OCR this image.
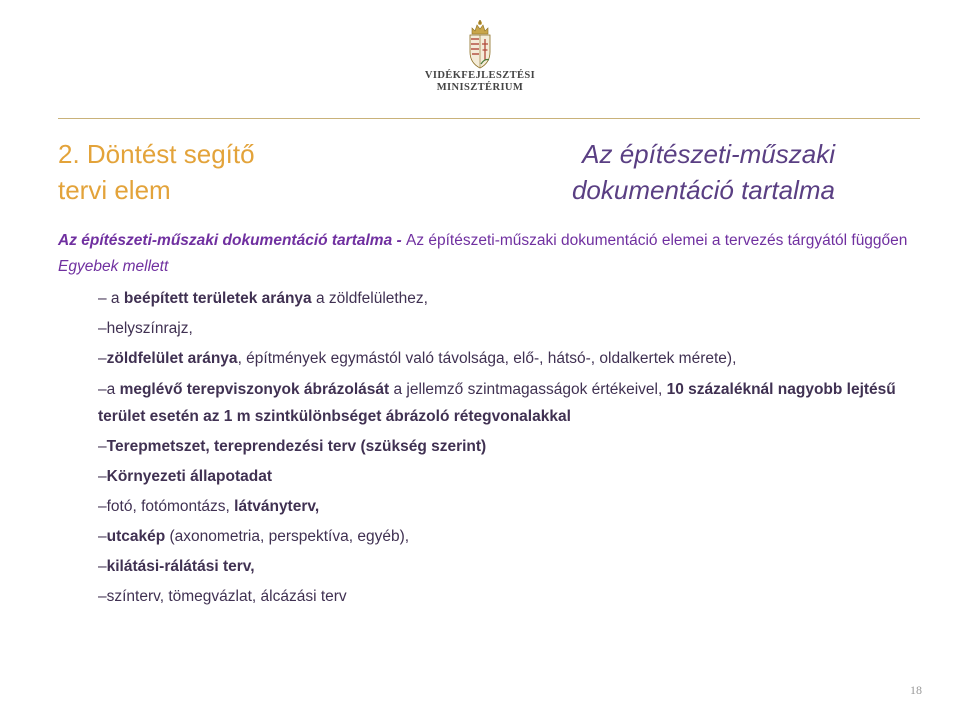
VIDÉKFEJLESZTÉSI
MINISZTÉRIUM
2. Döntést segítő
tervi elem
Az építészeti-műszaki
dokumentáció tartalma
Az építészeti-műszaki dokumentáció tartalma - Az építészeti-műszaki dokumentáció elemei a tervezés tárgyától függően
Egyebek mellett
– a beépített területek aránya a zöldfelülethez,
–helyszínrajz,
–zöldfelület aránya, építmények egymástól való távolsága, elő-, hátsó-, oldalkertek mérete),
–a meglévő terepviszonyok ábrázolását a jellemző szintmagasságok értékeivel, 10 százaléknál nagyobb lejtésű terület esetén az 1 m szintkülönbséget ábrázoló rétegvonalakkal
–Terepmetszet, tereprendezési terv (szükség szerint)
–Környezeti állapotadat
–fotó, fotómontázs, látványterv,
–utcakép (axonometria, perspektíva, egyéb),
–kilátási-rálátási terv,
–színterv, tömegvázlat, álcázási terv
18
